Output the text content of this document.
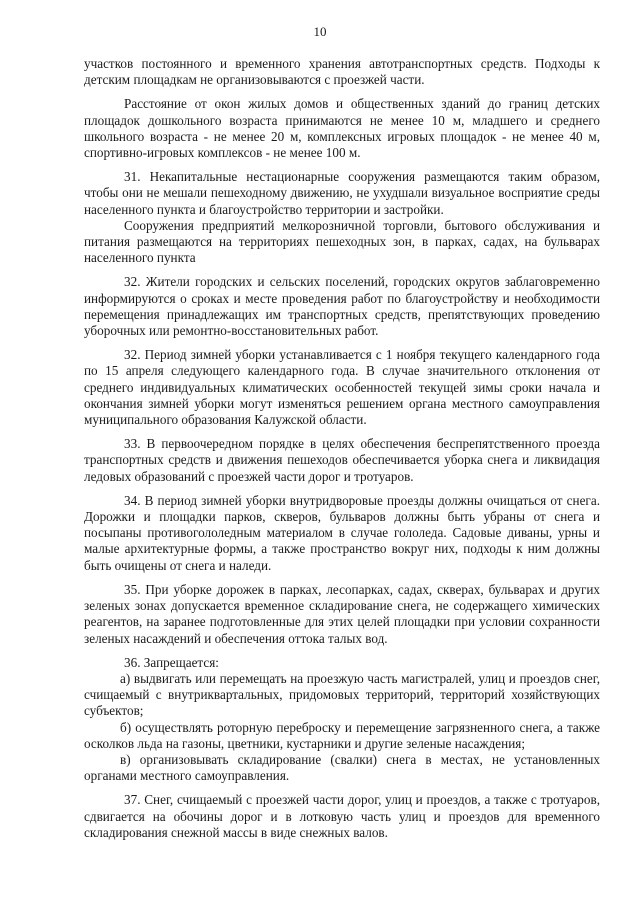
10

участков постоянного и временного хранения автотранспортных средств. Подходы к детским площадкам не организовываются с проезжей части.

Расстояние от окон жилых домов и общественных зданий до границ детских площадок дошкольного возраста принимаются не менее 10 м, младшего и среднего школьного возраста - не менее 20 м, комплексных игровых площадок - не менее 40 м, спортивно-игровых комплексов - не менее 100 м.

31. Некапитальные нестационарные сооружения размещаются таким образом, чтобы они не мешали пешеходному движению, не ухудшали визуальное восприятие среды населенного пункта и благоустройство территории и застройки.

Сооружения предприятий мелкорозничной торговли, бытового обслуживания и питания размещаются на территориях пешеходных зон, в парках, садах, на бульварах населенного пункта

32. Жители городских и сельских поселений, городских округов заблаговременно информируются о сроках и месте проведения работ по благоустройству и необходимости перемещения принадлежащих им транспортных средств, препятствующих проведению уборочных или ремонтно-восстановительных работ.

32. Период зимней уборки устанавливается с 1 ноября текущего календарного года по 15 апреля следующего календарного года. В случае значительного отклонения от среднего индивидуальных климатических особенностей текущей зимы сроки начала и окончания зимней уборки могут изменяться решением органа местного самоуправления муниципального образования Калужской области.

33. В первоочередном порядке в целях обеспечения беспрепятственного проезда транспортных средств и движения пешеходов обеспечивается уборка снега и ликвидация ледовых образований с проезжей части дорог и тротуаров.

34. В период зимней уборки внутридворовые проезды должны очищаться от снега. Дорожки и площадки парков, скверов, бульваров должны быть убраны от снега и посыпаны противогололедным материалом в случае гололеда. Садовые диваны, урны и малые архитектурные формы, а также пространство вокруг них, подходы к ним должны быть очищены от снега и наледи.

35. При уборке дорожек в парках, лесопарках, садах, скверах, бульварах и других зеленых зонах допускается временное складирование снега, не содержащего химических реагентов, на заранее подготовленные для этих целей площадки при условии сохранности зеленых насаждений и обеспечения оттока талых вод.

36. Запрещается:

а) выдвигать или перемещать на проезжую часть магистралей, улиц и проездов снег, счищаемый с внутриквартальных, придомовых территорий, территорий хозяйствующих субъектов;

б) осуществлять роторную переброску и перемещение загрязненного снега, а также осколков льда на газоны, цветники, кустарники и другие зеленые насаждения;

в) организовывать складирование (свалки) снега в местах, не установленных органами местного самоуправления.

37. Снег, счищаемый с проезжей части дорог, улиц и проездов, а также с тротуаров, сдвигается на обочины дорог и в лотковую часть улиц и проездов для временного складирования снежной массы в виде снежных валов.
